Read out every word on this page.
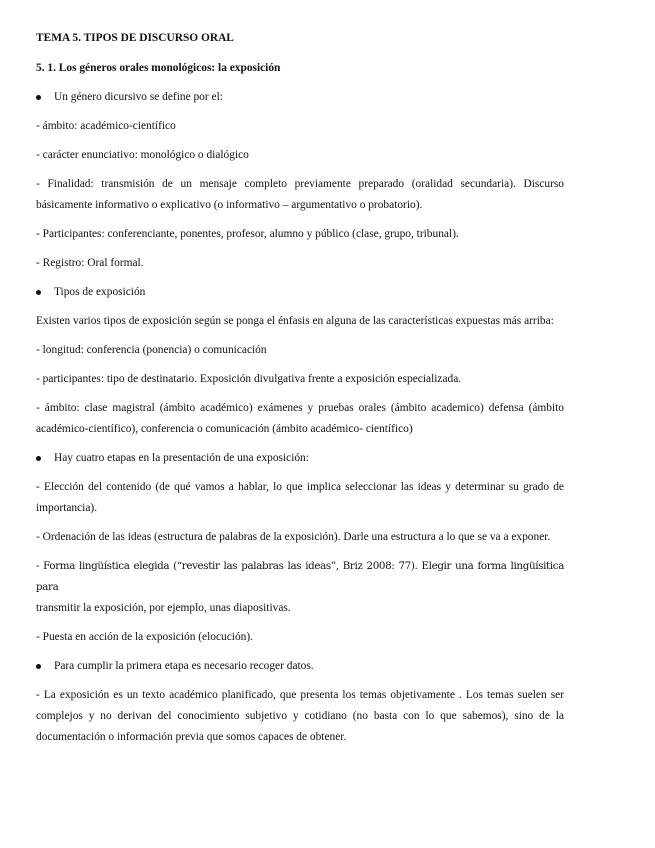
TEMA 5. TIPOS DE DISCURSO ORAL

5. 1. Los géneros orales monológicos: la exposición

Un género dicursivo se define por el:

- ámbito: académico-científico

- carácter enunciativo: monológico o dialógico

- Finalidad: transmisión de un mensaje completo previamente preparado (oralidad secundaria). Discurso básicamente informativo o explicativo (o informativo – argumentativo o probatorio).

- Participantes: conferenciante, ponentes, profesor, alumno y público (clase, grupo, tribunal).

- Registro: Oral formal.

Tipos de exposición

Existen varios tipos de exposición según se ponga el énfasis en alguna de las características expuestas más arriba:

- longitud: conferencia (ponencia) o comunicación

- participantes: tipo de destinatario. Exposición divulgativa frente a exposición especializada.

- ámbito: clase magistral (ámbito académico) exámenes y pruebas orales (ámbito academico) defensa (ámbito académico-científico), conferencia o comunicación (ámbito académico- científico)

Hay cuatro etapas en la presentación de una exposición:

- Elección del contenido (de qué vamos a hablar, lo que implica seleccionar las ideas y determinar su grado de importancia).

- Ordenación de las ideas (estructura de palabras de la exposición). Darle una estructura a lo que se va a exponer.

- Forma lingüística elegida (“revestir las palabras las ideas”, Briz 2008: 77). Elegir una forma lingüísitica para
transmitir la exposición, por ejemplo, unas diapositivas.

- Puesta en acción de la exposición (elocución).

Para cumplir la primera etapa es necesario recoger datos.

- La exposición es un texto académico planificado, que presenta los temas objetivamente . Los temas suelen ser complejos y no derivan del conocimiento subjetivo y cotidiano (no basta con lo que sabemos), sino de la documentación o información previa que somos capaces de obtener.
